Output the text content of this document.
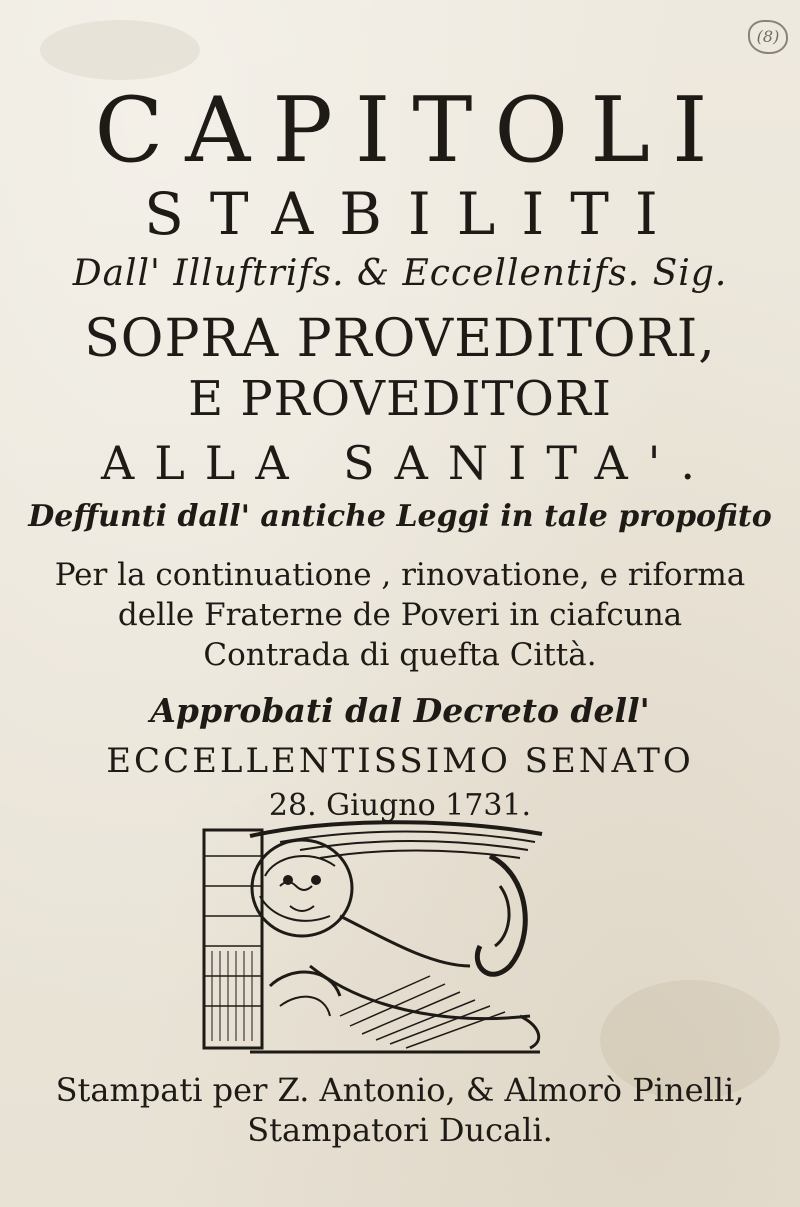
(8)
CAPITOLI
STABILITI
Dall' Illuftrifs. & Eccellentifs. Sig.
SOPRA PROVEDITORI,
E PROVEDITORI
ALLA SANITA'.
Deffunti dall' antiche Leggi in tale propofito
Per la continuatione , rinovatione, e riforma
delle Fraterne de Poveri in ciafcuna
Contrada di quefta Città.
Approbati dal Decreto dell'
ECCELLENTISSIMO SENATO
28. Giugno 1731.
Stampati per Z. Antonio, & Almorò Pinelli,
Stampatori Ducali.
